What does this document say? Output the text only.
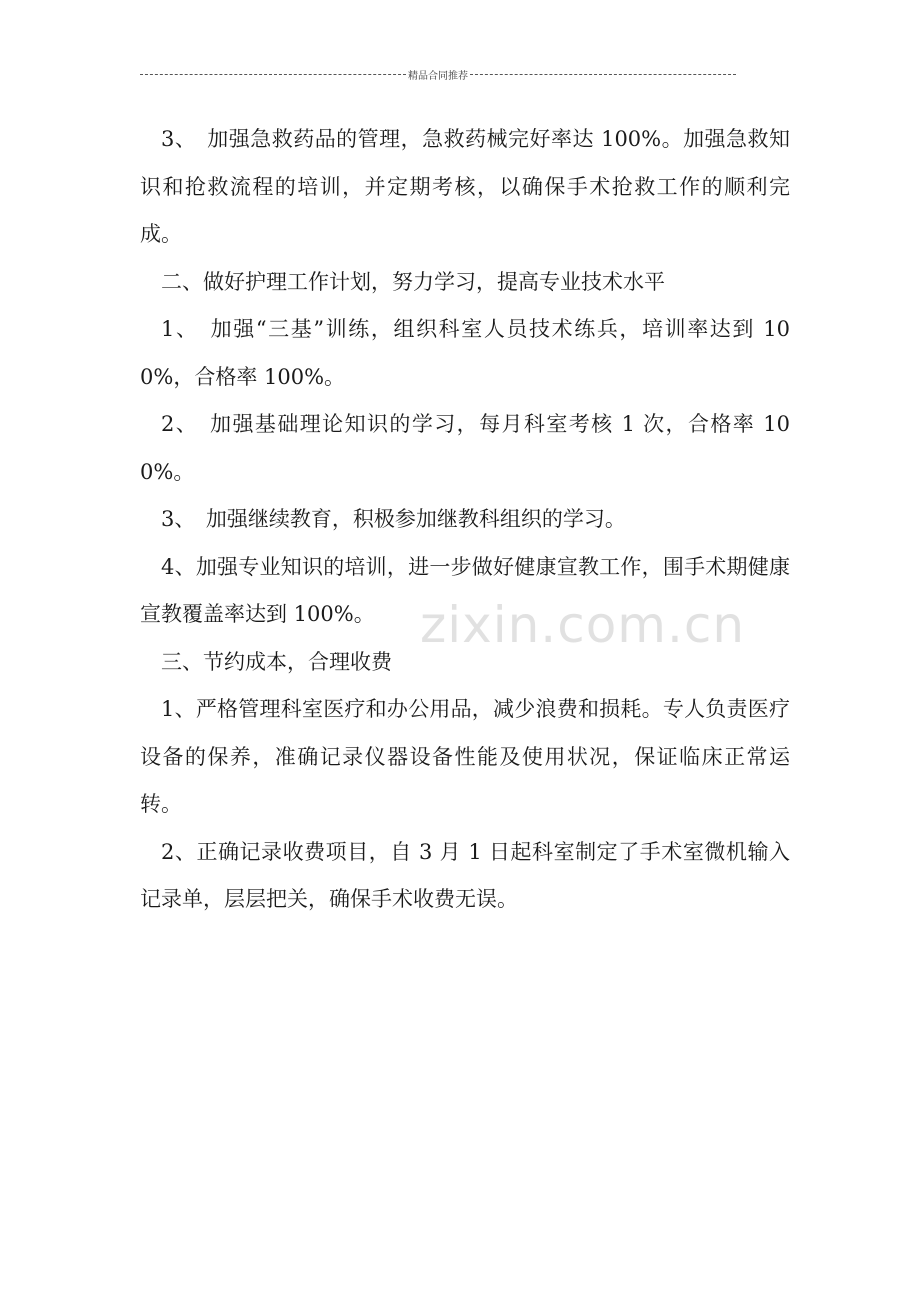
精品合同推荐

3、　加强急救药品的管理，急救药械完好率达 100%。加强急救知识和抢救流程的培训，并定期考核，以确保手术抢救工作的顺利完成。

二、做好护理工作计划，努力学习，提高专业技术水平

1、　加强“三基”训练，组织科室人员技术练兵，培训率达到 100%，合格率 100%。

2、　加强基础理论知识的学习，每月科室考核 1 次，合格率 100%。

3、　加强继续教育，积极参加继教科组织的学习。

4、加强专业知识的培训，进一步做好健康宣教工作，围手术期健康宣教覆盖率达到 100%。

三、节约成本，合理收费

1、严格管理科室医疗和办公用品，减少浪费和损耗。专人负责医疗设备的保养，准确记录仪器设备性能及使用状况，保证临床正常运转。

2、正确记录收费项目，自 3 月 1 日起科室制定了手术室微机输入记录单，层层把关，确保手术收费无误。

zixin.com.cn
